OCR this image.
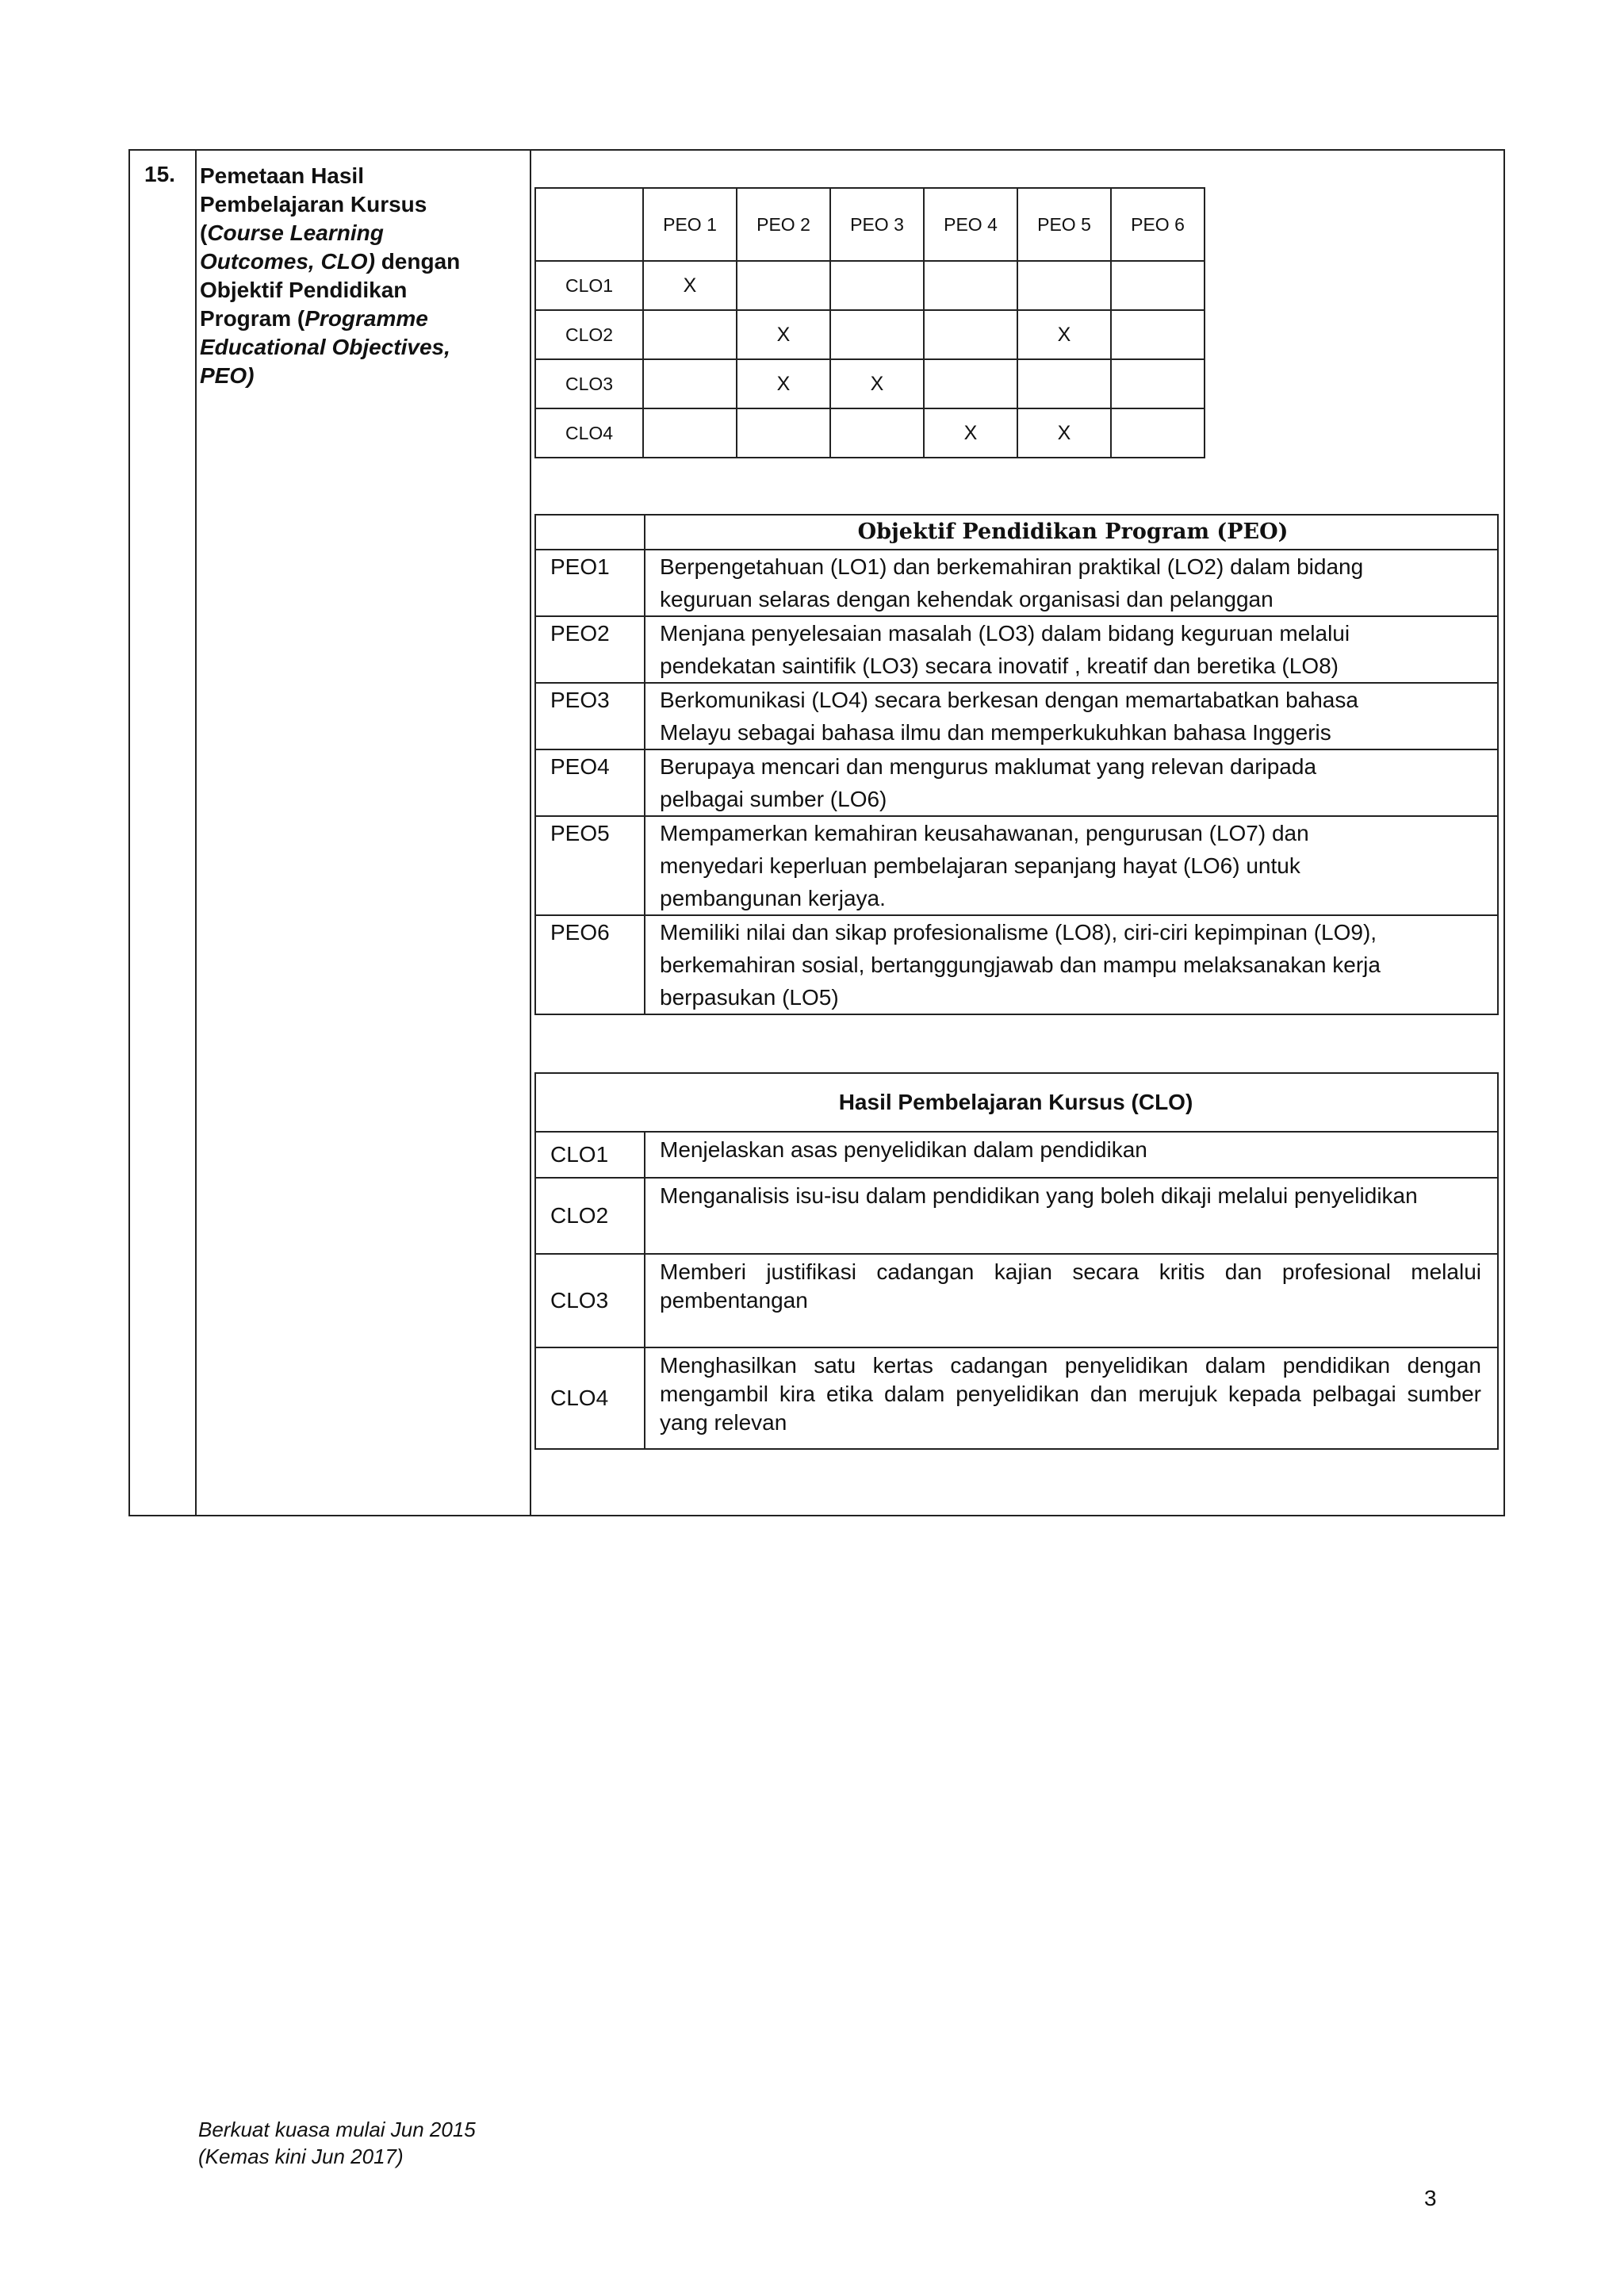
15. Pemetaan Hasil Pembelajaran Kursus (Course Learning Outcomes, CLO) dengan Objektif Pendidikan Program (Programme Educational Objectives, PEO)
	PEO 1	PEO 2	PEO 3	PEO 4	PEO 5	PEO 6
CLO1	X					
CLO2		X			X	
CLO3		X	X			
CLO4				X	X	
	Objektif Pendidikan Program (PEO)
PEO1	Berpengetahuan (LO1) dan berkemahiran praktikal (LO2) dalam bidang
keguruan selaras dengan kehendak organisasi dan pelanggan

PEO2	Menjana penyelesaian masalah (LO3) dalam bidang keguruan melalui
pendekatan saintifik (LO3) secara inovatif , kreatif dan beretika (LO8)

PEO3	Berkomunikasi (LO4) secara berkesan dengan memartabatkan bahasa
Melayu sebagai bahasa ilmu dan memperkukuhkan bahasa Inggeris

PEO4	Berupaya mencari dan mengurus maklumat yang relevan daripada
pelbagai sumber (LO6)

PEO5	Mempamerkan kemahiran keusahawanan, pengurusan (LO7) dan
menyedari keperluan pembelajaran sepanjang hayat (LO6) untuk
pembangunan kerjaya.

PEO6	Memiliki nilai dan sikap profesionalisme (LO8), ciri-ciri kepimpinan (LO9),
berkemahiran sosial, bertanggungjawab dan mampu melaksanakan kerja
berpasukan (LO5)
Hasil Pembelajaran Kursus (CLO)	
CLO1	Menjelaskan asas penyelidikan dalam pendidikan
CLO2	Menganalisis isu-isu dalam pendidikan yang boleh dikaji melalui penyelidikan
CLO3	Memberi justifikasi cadangan kajian secara kritis dan profesional melalui pembentangan
CLO4	Menghasilkan satu kertas cadangan penyelidikan dalam pendidikan dengan mengambil kira etika dalam penyelidikan dan merujuk kepada pelbagai sumber yang relevan
Berkuat kuasa mulai Jun 2015
(Kemas kini Jun 2017)
3
